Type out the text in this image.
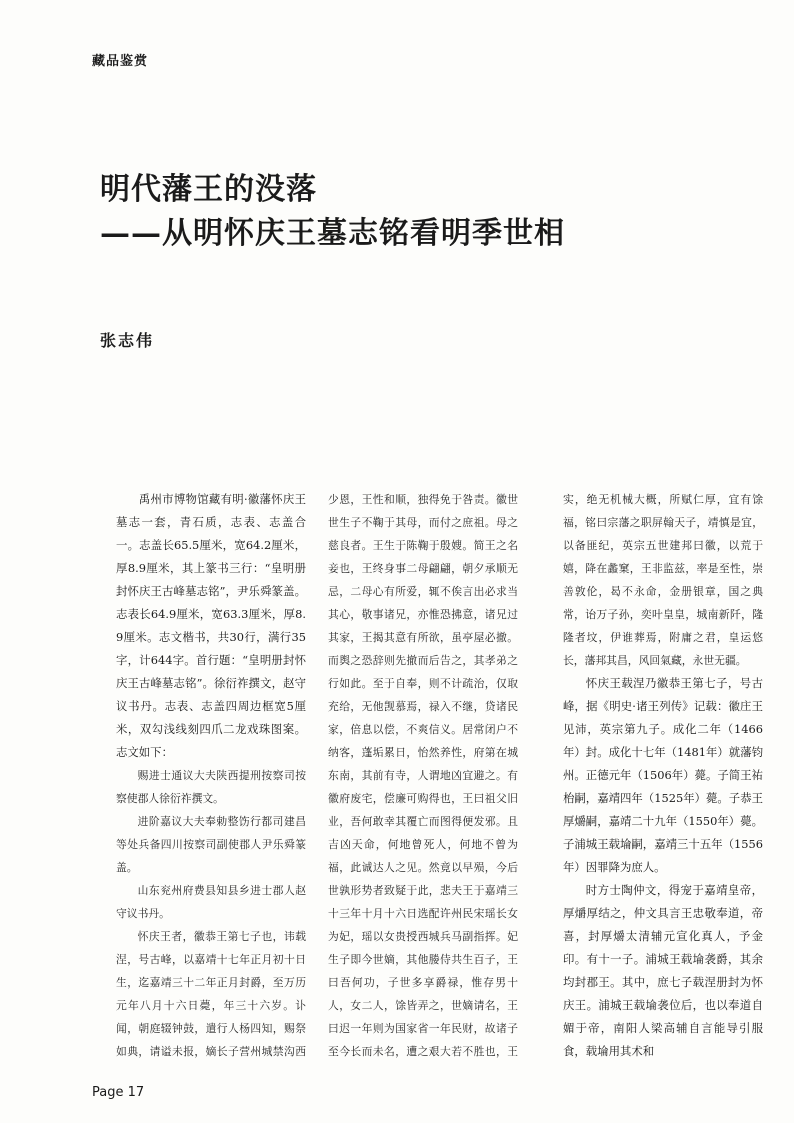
藏品鉴赏
明代藩王的没落
——从明怀庆王墓志铭看明季世相
张志伟

禹州市博物馆藏有明·徽藩怀庆王墓志一套，青石质，志表、志盖合一。志盖长65.5厘米，宽64.2厘米，厚8.9厘米，其上篆书三行：“皇明册封怀庆王古峰墓志铭”，尹乐舜篆盖。志表长64.9厘米，宽63.3厘米，厚8.9厘米。志文楷书，共30行，满行35字，计644字。首行题：“皇明册封怀庆王古峰墓志铭”。徐衍祚撰文，赵守议书丹。志表、志盖四周边框宽5厘米，双勾浅线刻四爪二龙戏珠图案。志文如下：

赐进士通议大夫陕西提刑按察司按察使郡人徐衍祚撰文。

进阶嘉议大夫奉勅整饬行都司建昌等处兵备四川按察司副使郡人尹乐舜篆盖。

山东兖州府费县知县乡进士郡人赵守议书丹。

怀庆王者，徽恭王第七子也，讳载涅，号古峰，以嘉靖十七年正月初十日生，迄嘉靖三十二年正月封爵，至万历元年八月十六日薨，年三十六岁。讣闻，朝庭辍钟鼓，遣行人杨四知，赐祭如典，请谥未报，嫡长子营州城禁沟西

少恩，王性和顺，独得免于咎责。徽世世生子不鞠于其母，而付之庶祖。母之慈良者。王生于陈鞠于殷嫂。简王之名妾也，王终身事二母翩翩，朝夕承顺无忌，二母心有所爱，辄不俟言出必求当其心，敬事诸兄，亦惟恐拂意，诸兄过其家，王揭其意有所欲，虽亭屋必撤。而舆之恐辞则先撤而后告之，其孝弟之行如此。至于自奉，则不计疏治，仅取充给，无他觊慕焉，禄入不继，贷诸民家，倍息以偿，不爽信义。居常闭户不纳客，蓬垢累日，怡然养性，府第在城东南，其前有寺，人谓地凶宜避之。有徽府废宅，偿廉可购得也，王曰祖父旧业，吾何敢幸其覆亡而图得便发邪。且吉凶天命，何地曾死人，何地不曾为福，此诚达人之见。然竟以早殒，今后世孰形势者致疑于此，悲夫王于嘉靖三十三年十月十六日选配许州民宋瑶长女为妃，瑶以女贵授西城兵马副指挥。妃生子即今世嫡，其他媵侍共生百子，王曰吾何功，子世多享爵禄，惟存男十人，女二人，馀皆弄之，世嫡请名，王曰迟一年则为国家省一年民财，故诸子至今长而未名，遭之艰大若不胜也，王

实，绝无机械大概，所赋仁厚，宜有馀福，铭曰宗藩之职屏翰天子，靖慎是宜，以备匪纪，英宗五世建邦曰徽，以荒于嬉，降在蠡窠，王非监兹，率是至性，崇善敦伦，曷不永命，金册银章，国之典常，诒万子孙，奕叶皇皇，城南新阡，隆隆者坟，伊谁葬焉，附庸之君，皇运悠长，藩邦其昌，风回氣藏，永世无疆。

怀庆王载涅乃徽恭王第七子，号古峰，据《明史·诸王列传》记载：徽庄王见沛，英宗第九子。成化二年（1466年）封。成化十七年（1481年）就藩钧州。正德元年（1506年）薨。子简王祐枱嗣，嘉靖四年（1525年）薨。子恭王厚爝嗣，嘉靖二十九年（1550年）薨。子浦城王载埨嗣，嘉靖三十五年（1556年）因罪降为庶人。

时方士陶仲文，得宠于嘉靖皇帝，厚爝厚结之，仲文具言王忠敬奉道，帝喜，封厚爝太清辅元宣化真人，予金印。有十一子。浦城王载埨袭爵，其余均封郡王。其中，庶七子载涅册封为怀庆王。浦城王载埨袭位后，也以奉道自媚于帝，南阳人梁高辅自言能导引服食，载埨用其术和

Page 17
